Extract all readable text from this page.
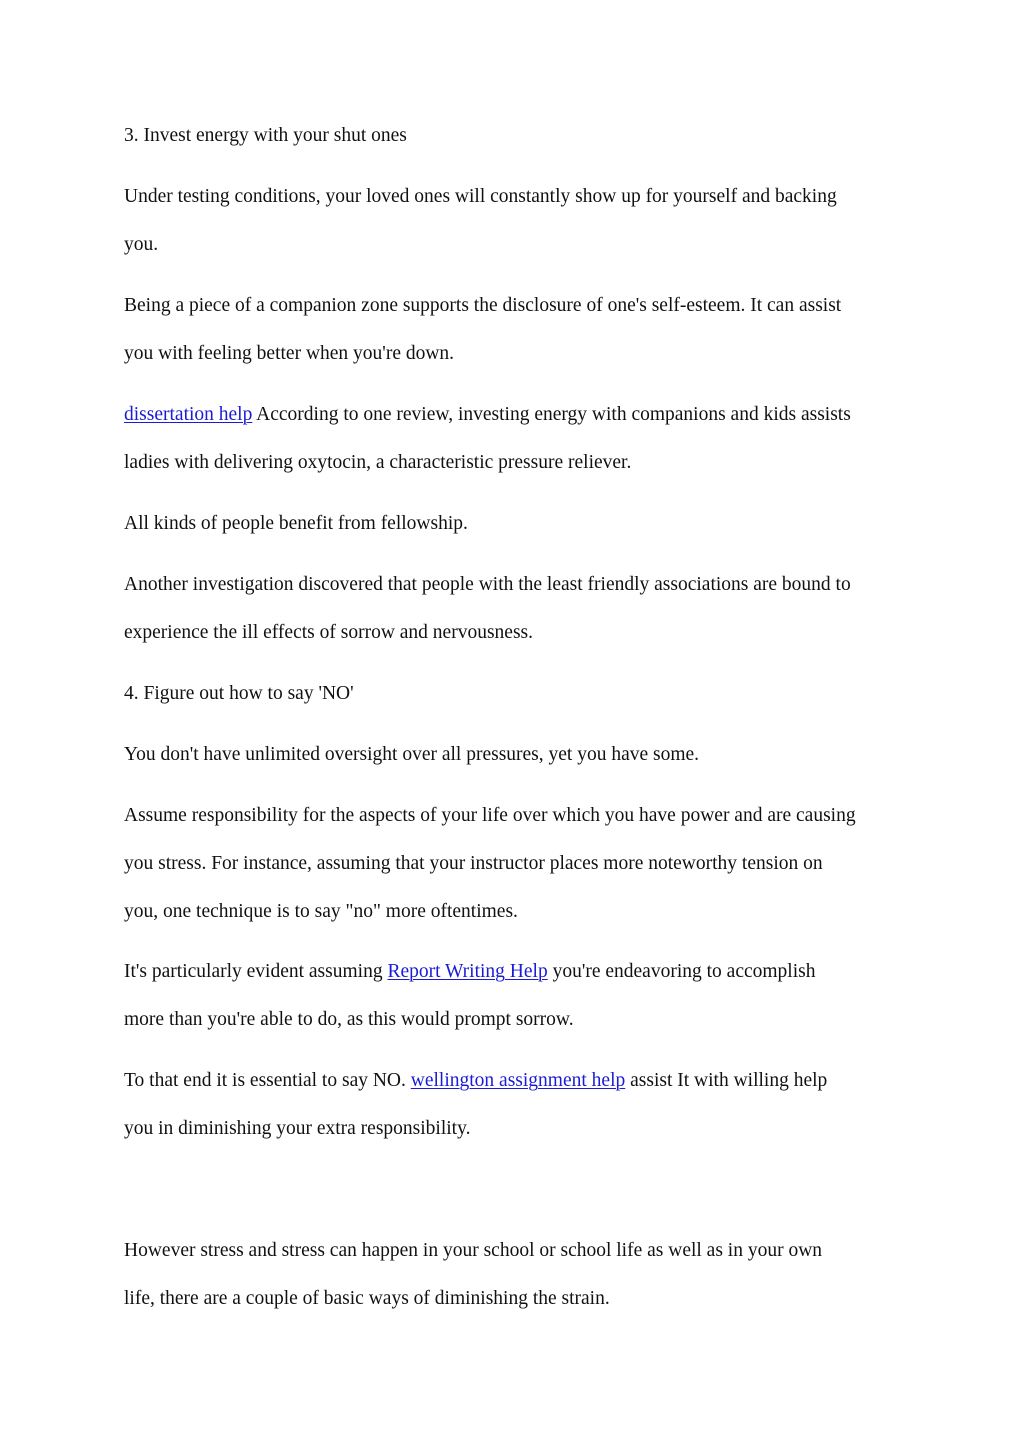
3. Invest energy with your shut ones

Under testing conditions, your loved ones will constantly show up for yourself and backing

you.

Being a piece of a companion zone supports the disclosure of one's self-esteem. It can assist

you with feeling better when you're down.

dissertation help According to one review, investing energy with companions and kids assists

ladies with delivering oxytocin, a characteristic pressure reliever.

All kinds of people benefit from fellowship.

Another investigation discovered that people with the least friendly associations are bound to

experience the ill effects of sorrow and nervousness.

4. Figure out how to say 'NO'

You don't have unlimited oversight over all pressures, yet you have some.

Assume responsibility for the aspects of your life over which you have power and are causing

you stress. For instance, assuming that your instructor places more noteworthy tension on

you, one technique is to say "no" more oftentimes.

It's particularly evident assuming Report Writing Help you're endeavoring to accomplish

more than you're able to do, as this would prompt sorrow.

To that end it is essential to say NO. wellington assignment help assist It with willing help

you in diminishing your extra responsibility.

However stress and stress can happen in your school or school life as well as in your own

life, there are a couple of basic ways of diminishing the strain.
